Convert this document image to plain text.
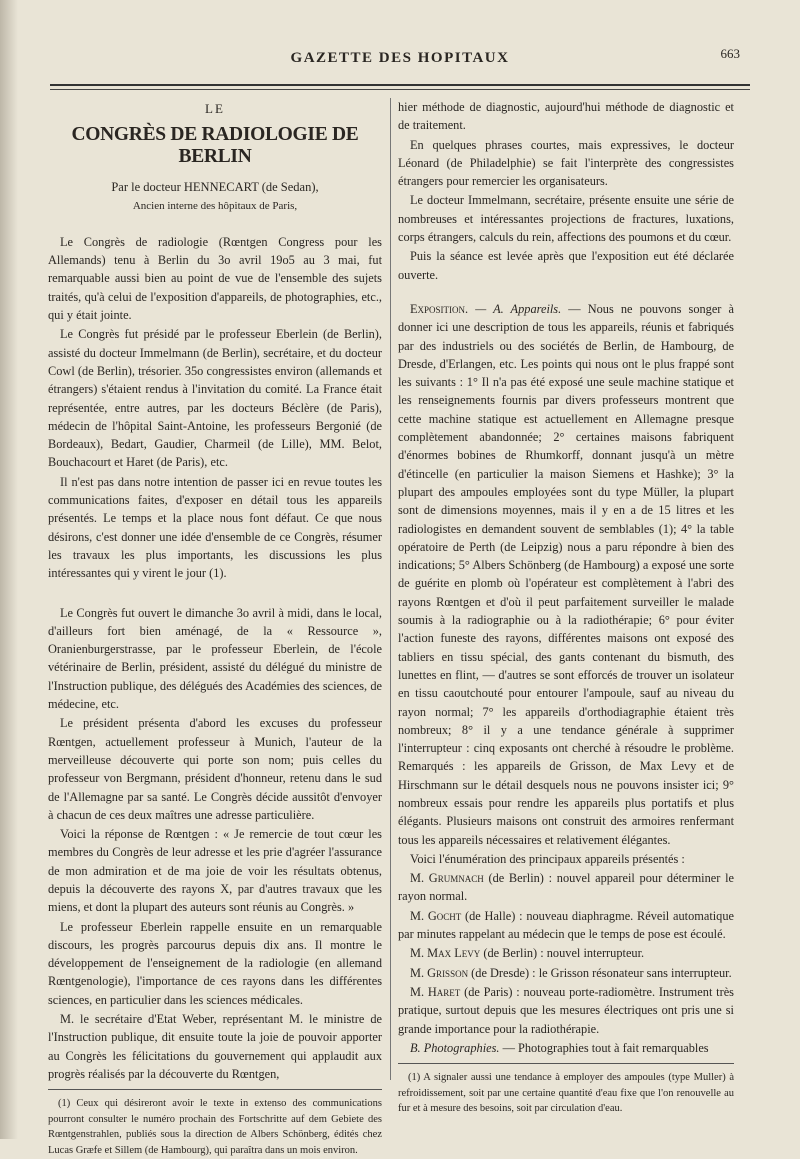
GAZETTE DES HOPITAUX	663

LE

CONGRÈS DE RADIOLOGIE DE BERLIN

Par le docteur HENNECART (de Sedan),

Ancien interne des hôpitaux de Paris,

Le Congrès de radiologie (Rœntgen Congress pour les Allemands) tenu à Berlin du 3o avril 19o5 au 3 mai, fut remarquable aussi bien au point de vue de l'ensemble des sujets traités, qu'à celui de l'exposition d'appareils, de photographies, etc., qui y était jointe.

Le Congrès fut présidé par le professeur Eberlein (de Berlin), assisté du docteur Immelmann (de Berlin), secrétaire, et du docteur Cowl (de Berlin), trésorier. 35o congressistes environ (allemands et étrangers) s'étaient rendus à l'invitation du comité. La France était représentée, entre autres, par les docteurs Béclère (de Paris), médecin de l'hôpital Saint-Antoine, les professeurs Bergonié (de Bordeaux), Bedart, Gaudier, Charmeil (de Lille), MM. Belot, Bouchacourt et Haret (de Paris), etc.

Il n'est pas dans notre intention de passer ici en revue toutes les communications faites, d'exposer en détail tous les appareils présentés. Le temps et la place nous font défaut. Ce que nous désirons, c'est donner une idée d'ensemble de ce Congrès, résumer les travaux les plus importants, les discussions les plus intéressantes qui y virent le jour (1).

Le Congrès fut ouvert le dimanche 3o avril à midi, dans le local, d'ailleurs fort bien aménagé, de la « Ressource », Oranienburgerstrasse, par le professeur Eberlein, de l'école vétérinaire de Berlin, président, assisté du délégué du ministre de l'Instruction publique, des délégués des Académies des sciences, de médecine, etc.

Le président présenta d'abord les excuses du professeur Rœntgen, actuellement professeur à Munich, l'auteur de la merveilleuse découverte qui porte son nom; puis celles du professeur von Bergmann, président d'honneur, retenu dans le sud de l'Allemagne par sa santé. Le Congrès décide aussitôt d'envoyer à chacun de ces deux maîtres une adresse particulière.

Voici la réponse de Rœntgen : « Je remercie de tout cœur les membres du Congrès de leur adresse et les prie d'agréer l'assurance de mon admiration et de ma joie de voir les résultats obtenus, depuis la découverte des rayons X, par d'autres travaux que les miens, et dont la plupart des auteurs sont réunis au Congrès. »

Le professeur Eberlein rappelle ensuite en un remarquable discours, les progrès parcourus depuis dix ans. Il montre le développement de l'enseignement de la radiologie (en allemand Rœntgenologie), l'importance de ces rayons dans les différentes sciences, en particulier dans les sciences médicales.

M. le secrétaire d'Etat Weber, représentant M. le ministre de l'Instruction publique, dit ensuite toute la joie de pouvoir apporter au Congrès les félicitations du gouvernement qui applaudit aux progrès réalisés par la découverte du Rœntgen,

(1) Ceux qui désireront avoir le texte in extenso des communications pourront consulter le numéro prochain des Fortschritte auf dem Gebiete des Rœntgenstrahlen, publiés sous la direction de Albers Schönberg, édités chez Lucas Græfe et Sillem (de Hambourg), qui paraîtra dans un mois environ.

hier méthode de diagnostic, aujourd'hui méthode de diagnostic et de traitement.

En quelques phrases courtes, mais expressives, le docteur Léonard (de Philadelphie) se fait l'interprète des congressistes étrangers pour remercier les organisateurs.

Le docteur Immelmann, secrétaire, présente ensuite une série de nombreuses et intéressantes projections de fractures, luxations, corps étrangers, calculs du rein, affections des poumons et du cœur.

Puis la séance est levée après que l'exposition eut été déclarée ouverte.

Exposition. — A. Appareils. — Nous ne pouvons songer à donner ici une description de tous les appareils, réunis et fabriqués par des industriels ou des sociétés de Berlin, de Hambourg, de Dresde, d'Erlangen, etc. Les points qui nous ont le plus frappé sont les suivants : 1° Il n'a pas été exposé une seule machine statique et les renseignements fournis par divers professeurs montrent que cette machine statique est actuellement en Allemagne presque complètement abandonnée; 2° certaines maisons fabriquent d'énormes bobines de Rhumkorff, donnant jusqu'à un mètre d'étincelle (en particulier la maison Siemens et Hashke); 3° la plupart des ampoules employées sont du type Müller, la plupart sont de dimensions moyennes, mais il y en a de 15 litres et les radiologistes en demandent souvent de semblables (1); 4° la table opératoire de Perth (de Leipzig) nous a paru répondre à bien des indications; 5° Albers Schönberg (de Hambourg) a exposé une sorte de guérite en plomb où l'opérateur est complètement à l'abri des rayons Rœntgen et d'où il peut parfaitement surveiller le malade soumis à la radiographie ou à la radiothérapie; 6° pour éviter l'action funeste des rayons, différentes maisons ont exposé des tabliers en tissu spécial, des gants contenant du bismuth, des lunettes en flint, — d'autres se sont efforcés de trouver un isolateur en tissu caoutchouté pour entourer l'ampoule, sauf au niveau du rayon normal; 7° les appareils d'orthodiagraphie étaient très nombreux; 8° il y a une tendance générale à supprimer l'interrupteur : cinq exposants ont cherché à résoudre le problème. Remarqués : les appareils de Grisson, de Max Levy et de Hirschmann sur le détail desquels nous ne pouvons insister ici; 9° nombreux essais pour rendre les appareils plus portatifs et plus élégants. Plusieurs maisons ont construit des armoires renfermant tous les appareils nécessaires et relativement élégantes.

Voici l'énumération des principaux appareils présentés :

M. Grumnach (de Berlin) : nouvel appareil pour déterminer le rayon normal.

M. Gocht (de Halle) : nouveau diaphragme. Réveil automatique par minutes rappelant au médecin que le temps de pose est écoulé.

M. Max Levy (de Berlin) : nouvel interrupteur.

M. Grisson (de Dresde) : le Grisson résonateur sans interrupteur.

M. Haret (de Paris) : nouveau porte-radiomètre. Instrument très pratique, surtout depuis que les mesures électriques ont pris une si grande importance pour la radiothérapie.

B. Photographies. — Photographies tout à fait remarquables

(1) A signaler aussi une tendance à employer des ampoules (type Muller) à refroidissement, soit par une certaine quantité d'eau fixe que l'on renouvelle au fur et à mesure des besoins, soit par circulation d'eau.
